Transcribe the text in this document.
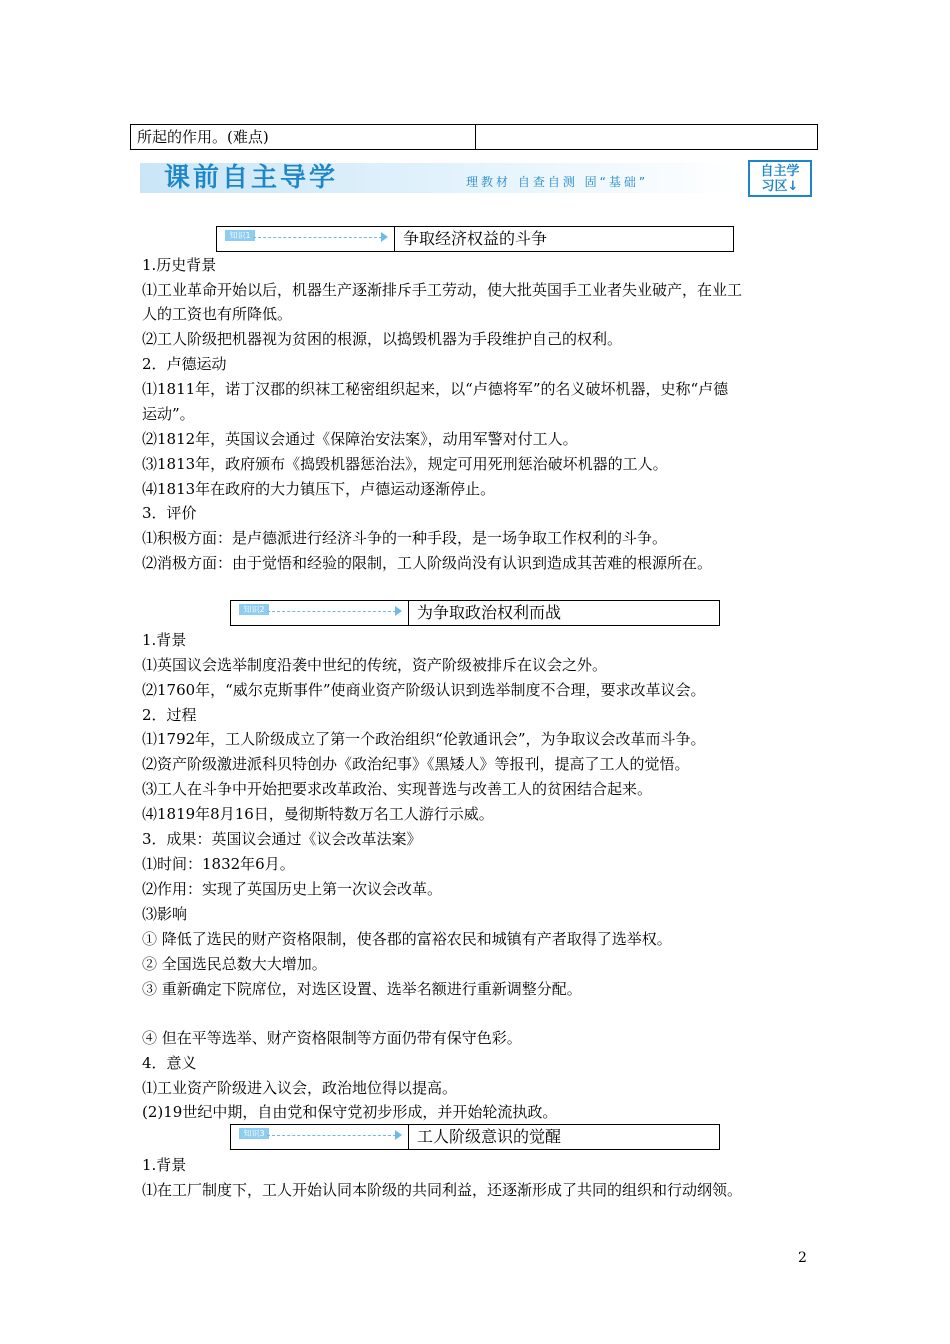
所起的作用。(难点)
课前自主导学	理教材 自查自测 固“基础”
自主学
习区↓
知识1	争取经济权益的斗争
知识2	为争取政治权利而战
知识3	工人阶级意识的觉醒
1.历史背景
⑴工业革命开始以后，机器生产逐渐排斥手工劳动，使大批英国手工业者失业破产，在业工
人的工资也有所降低。
⑵工人阶级把机器视为贫困的根源，以捣毁机器为手段维护自己的权利。
2．卢德运动
⑴1811年，诺丁汉郡的织袜工秘密组织起来，以“卢德将军”的名义破坏机器，史称“卢德
运动”。
⑵1812年，英国议会通过《保障治安法案》，动用军警对付工人。
⑶1813年，政府颁布《捣毁机器惩治法》，规定可用死刑惩治破坏机器的工人。
⑷1813年在政府的大力镇压下，卢德运动逐渐停止。
3．评价
⑴积极方面：是卢德派进行经济斗争的一种手段，是一场争取工作权利的斗争。
⑵消极方面：由于觉悟和经验的限制，工人阶级尚没有认识到造成其苦难的根源所在。
1.背景
⑴英国议会选举制度沿袭中世纪的传统，资产阶级被排斥在议会之外。
⑵1760年，“威尔克斯事件”使商业资产阶级认识到选举制度不合理，要求改革议会。
2．过程
⑴1792年，工人阶级成立了第一个政治组织“伦敦通讯会”，为争取议会改革而斗争。
⑵资产阶级激进派科贝特创办《政治纪事》《黑矮人》等报刊，提高了工人的觉悟。
⑶工人在斗争中开始把要求改革政治、实现普选与改善工人的贫困结合起来。
⑷1819年8月16日，曼彻斯特数万名工人游行示威。
3．成果：英国议会通过《议会改革法案》
⑴时间：1832年6月。
⑵作用：实现了英国历史上第一次议会改革。
⑶影响
① 降低了选民的财产资格限制，使各郡的富裕农民和城镇有产者取得了选举权。
② 全国选民总数大大增加。
③ 重新确定下院席位，对选区设置、选举名额进行重新调整分配。
④ 但在平等选举、财产资格限制等方面仍带有保守色彩。
4．意义
⑴工业资产阶级进入议会，政治地位得以提高。
(2)19世纪中期，自由党和保守党初步形成，并开始轮流执政。
1.背景
⑴在工厂制度下，工人开始认同本阶级的共同利益，还逐渐形成了共同的组织和行动纲领。
2
